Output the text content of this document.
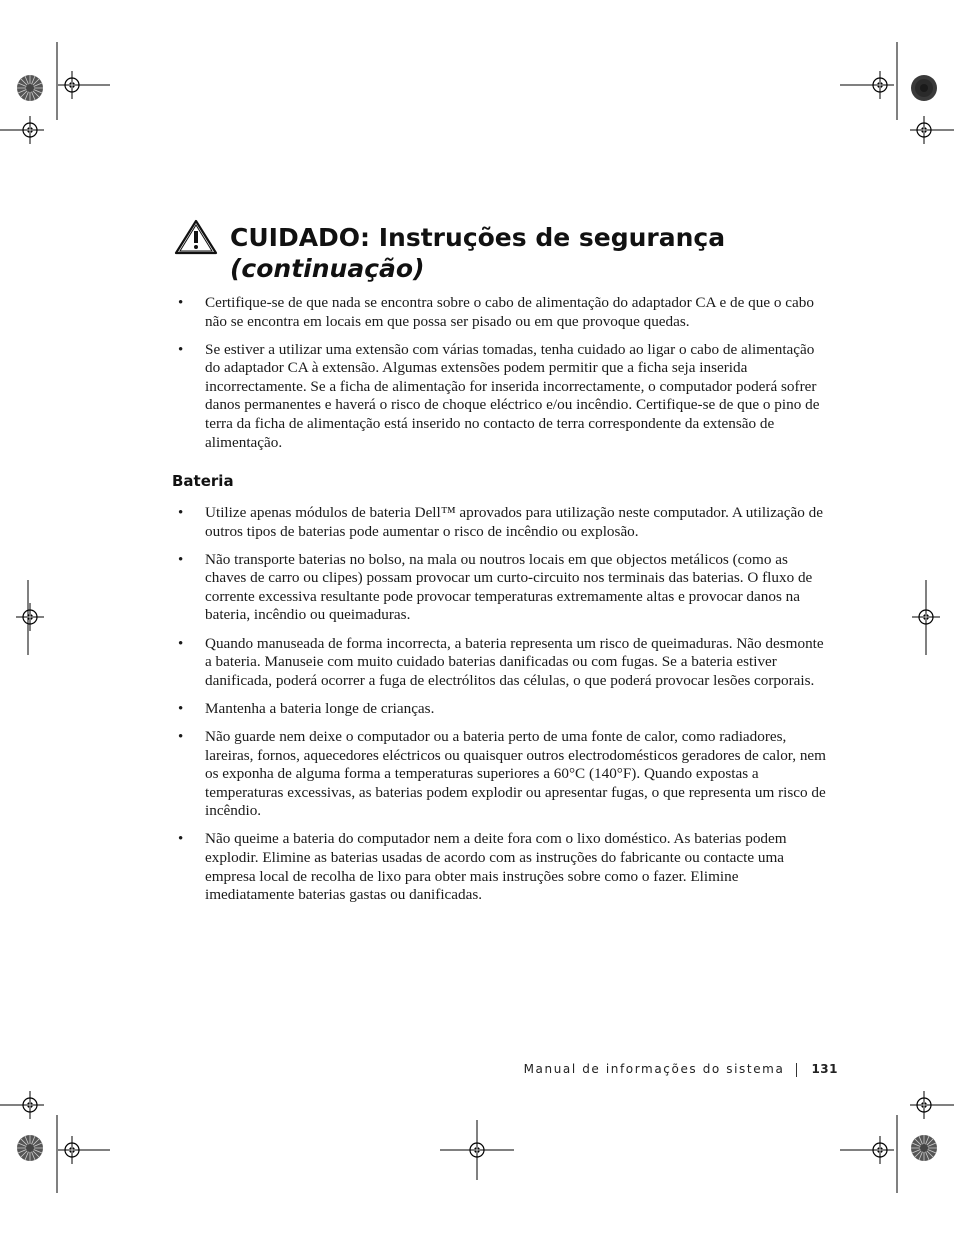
CUIDADO: Instruções de segurança
(continuação)
• Certifique-se de que nada se encontra sobre o cabo de alimentação do adaptador CA e de que o cabo não se encontra em locais em que possa ser pisado ou em que provoque quedas.
• Se estiver a utilizar uma extensão com várias tomadas, tenha cuidado ao ligar o cabo de alimentação do adaptador CA à extensão. Algumas extensões podem permitir que a ficha seja inserida incorrectamente. Se a ficha de alimentação for inserida incorrectamente, o computador poderá sofrer danos permanentes e haverá o risco de choque eléctrico e/ou incêndio. Certifique-se de que o pino de terra da ficha de alimentação está inserido no contacto de terra correspondente da extensão de alimentação.
Bateria
• Utilize apenas módulos de bateria Dell™ aprovados para utilização neste computador. A utilização de outros tipos de baterias pode aumentar o risco de incêndio ou explosão.
• Não transporte baterias no bolso, na mala ou noutros locais em que objectos metálicos (como as chaves de carro ou clipes) possam provocar um curto-circuito nos terminais das baterias. O fluxo de corrente excessiva resultante pode provocar temperaturas extremamente altas e provocar danos na bateria, incêndio ou queimaduras.
• Quando manuseada de forma incorrecta, a bateria representa um risco de queimaduras. Não desmonte a bateria. Manuseie com muito cuidado baterias danificadas ou com fugas. Se a bateria estiver danificada, poderá ocorrer a fuga de electrólitos das células, o que poderá provocar lesões corporais.
• Mantenha a bateria longe de crianças.
• Não guarde nem deixe o computador ou a bateria perto de uma fonte de calor, como radiadores, lareiras, fornos, aquecedores eléctricos ou quaisquer outros electrodomésticos geradores de calor, nem os exponha de alguma forma a temperaturas superiores a 60°C (140°F). Quando expostas a temperaturas excessivas, as baterias podem explodir ou apresentar fugas, o que representa um risco de incêndio.
• Não queime a bateria do computador nem a deite fora com o lixo doméstico. As baterias podem explodir. Elimine as baterias usadas de acordo com as instruções do fabricante ou contacte uma empresa local de recolha de lixo para obter mais instruções sobre como o fazer. Elimine imediatamente baterias gastas ou danificadas.
Manual de informações do sistema 131
